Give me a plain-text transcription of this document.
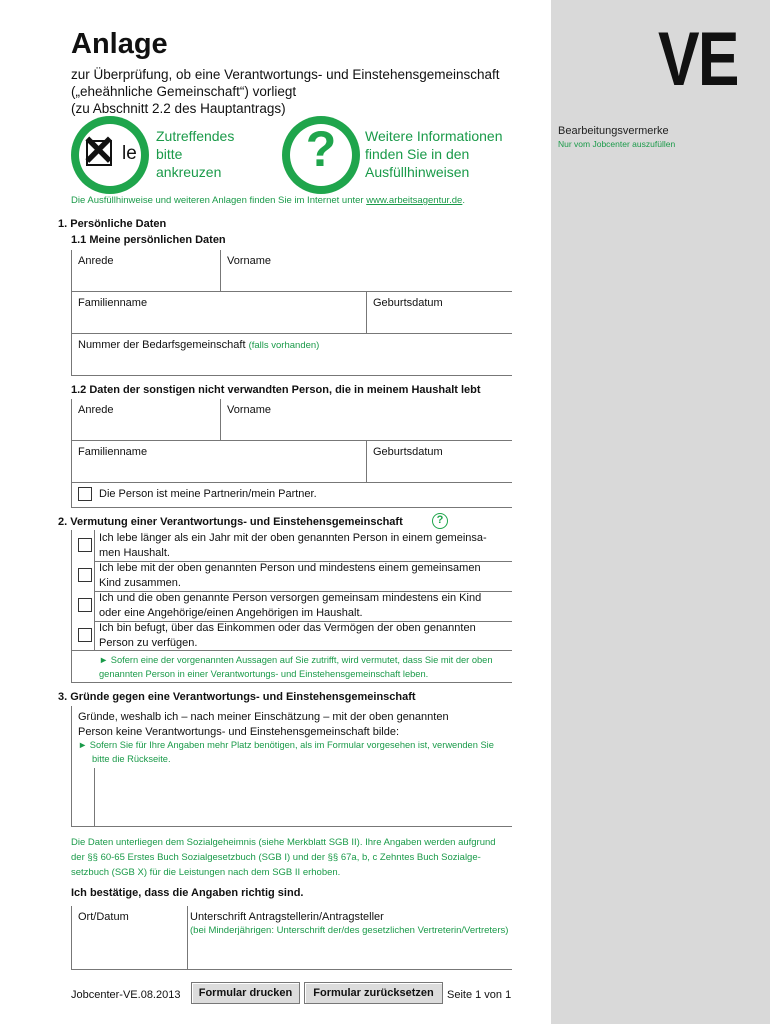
VE
Bearbeitungsvermerke
Nur vom Jobcenter auszufüllen
Anlage
zur Überprüfung, ob eine Verantwortungs- und Einstehensgemeinschaft
(„eheähnliche Gemeinschaft“) vorliegt
(zu Abschnitt 2.2 des Hauptantrags)
✕ le
Zutreffendes
bitte
ankreuzen	?	Weitere Informationen
finden Sie in den
Ausfüllhinweisen
Die Ausfüllhinweise und weiteren Anlagen finden Sie im Internet unter www.arbeitsagentur.de.
1. Persönliche Daten
1.1 Meine persönlichen Daten
Anrede	Vorname
Familienname	Geburtsdatum
Nummer der Bedarfsgemeinschaft (falls vorhanden)
1.2 Daten der sonstigen nicht verwandten Person, die in meinem Haushalt lebt
Anrede	Vorname
Familienname	Geburtsdatum
Die Person ist meine Partnerin/mein Partner.
2. Vermutung einer Verantwortungs- und Einstehensgemeinschaft	?
Ich lebe länger als ein Jahr mit der oben genannten Person in einem gemeinsa-
men Haushalt.
Ich lebe mit der oben genannten Person und mindestens einem gemeinsamen
Kind zusammen.
Ich und die oben genannte Person versorgen gemeinsam mindestens ein Kind
oder eine Angehörige/einen Angehörigen im Haushalt.
Ich bin befugt, über das Einkommen oder das Vermögen der oben genannten
Person zu verfügen.
► Sofern eine der vorgenannten Aussagen auf Sie zutrifft, wird vermutet, dass Sie mit der oben
genannten Person in einer Verantwortungs- und Einstehensgemeinschaft leben.
3. Gründe gegen eine Verantwortungs- und Einstehensgemeinschaft
Gründe, weshalb ich – nach meiner Einschätzung – mit der oben genannten
Person keine Verantwortungs- und Einstehensgemeinschaft bilde:
► Sofern Sie für Ihre Angaben mehr Platz benötigen, als im Formular vorgesehen ist, verwenden Sie
bitte die Rückseite.
Die Daten unterliegen dem Sozialgeheimnis (siehe Merkblatt SGB II). Ihre Angaben werden aufgrund
der §§ 60-65 Erstes Buch Sozialgesetzbuch (SGB I) und der §§ 67a, b, c Zehntes Buch Sozialge-
setzbuch (SGB X) für die Leistungen nach dem SGB II erhoben.
Ich bestätige, dass die Angaben richtig sind.
Ort/Datum	Unterschrift Antragstellerin/Antragsteller
(bei Minderjährigen: Unterschrift der/des gesetzlichen Vertreterin/Vertreters)
Jobcenter-VE.08.2013	Formular drucken	Formular zurücksetzen	Seite 1 von 1
